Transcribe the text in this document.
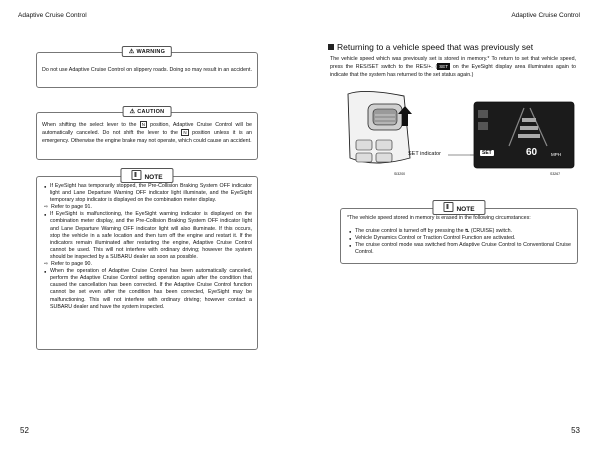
Adaptive Cruise Control	Adaptive Cruise Control
⚠ WARNING
Do not use Adaptive Cruise Control on slippery roads. Doing so may result in an accident.
⚠ CAUTION
When shifting the select lever to the N position, Adaptive Cruise Control will be automatically canceled. Do not shift the lever to the N position unless it is an emergency. Otherwise the engine brake may not operate, which could cause an accident.
NOTE
● If EyeSight has temporarily stopped, the Pre-Collision Braking System OFF indicator light and Lane Departure Warning OFF indicator light illuminate, and the EyeSight temporary stop indicator is displayed on the combination meter display.
⇨ Refer to page 91.
● If EyeSight is malfunctioning, the EyeSight warning indicator is displayed on the combination meter display, and the Pre-Collision Braking System OFF indicator light and Lane Departure Warning OFF indicator light will also illuminate. If this occurs, stop the vehicle in a safe location and then turn off the engine and restart it. If the indicators remain illuminated after restarting the engine, Adaptive Cruise Control cannot be used. This will not interfere with ordinary driving; however the system should be inspected by a SUBARU dealer as soon as possible.
⇨ Refer to page 90.
● When the operation of Adaptive Cruise Control has been automatically canceled, perform the Adaptive Cruise Control setting operation again after the condition that caused the cancellation has been corrected. If the Adaptive Cruise Control function cannot be set even after the condition has been corrected, EyeSight may be malfunctioning. This will not interfere with ordinary driving; however contact a SUBARU dealer and have the system inspected.
Returning to a vehicle speed that was previously set
The vehicle speed which was previously set is stored in memory.* To return to set that vehicle speed, press the RES/SET switch to the RES/+. ( SET on the EyeSight display area illuminates again to indicate that the system has returned to the set status again.)
SET indicator	SET	60	MPH
SI3200	S3267
NOTE
*The vehicle speed stored in memory is erased in the following circumstances:
● The cruise control is turned off by pressing the ⛐ (CRUISE) switch.
● Vehicle Dynamics Control or Traction Control Function are activated.
● The cruise control mode was switched from Adaptive Cruise Control to Conventional Cruise Control.
52	53
